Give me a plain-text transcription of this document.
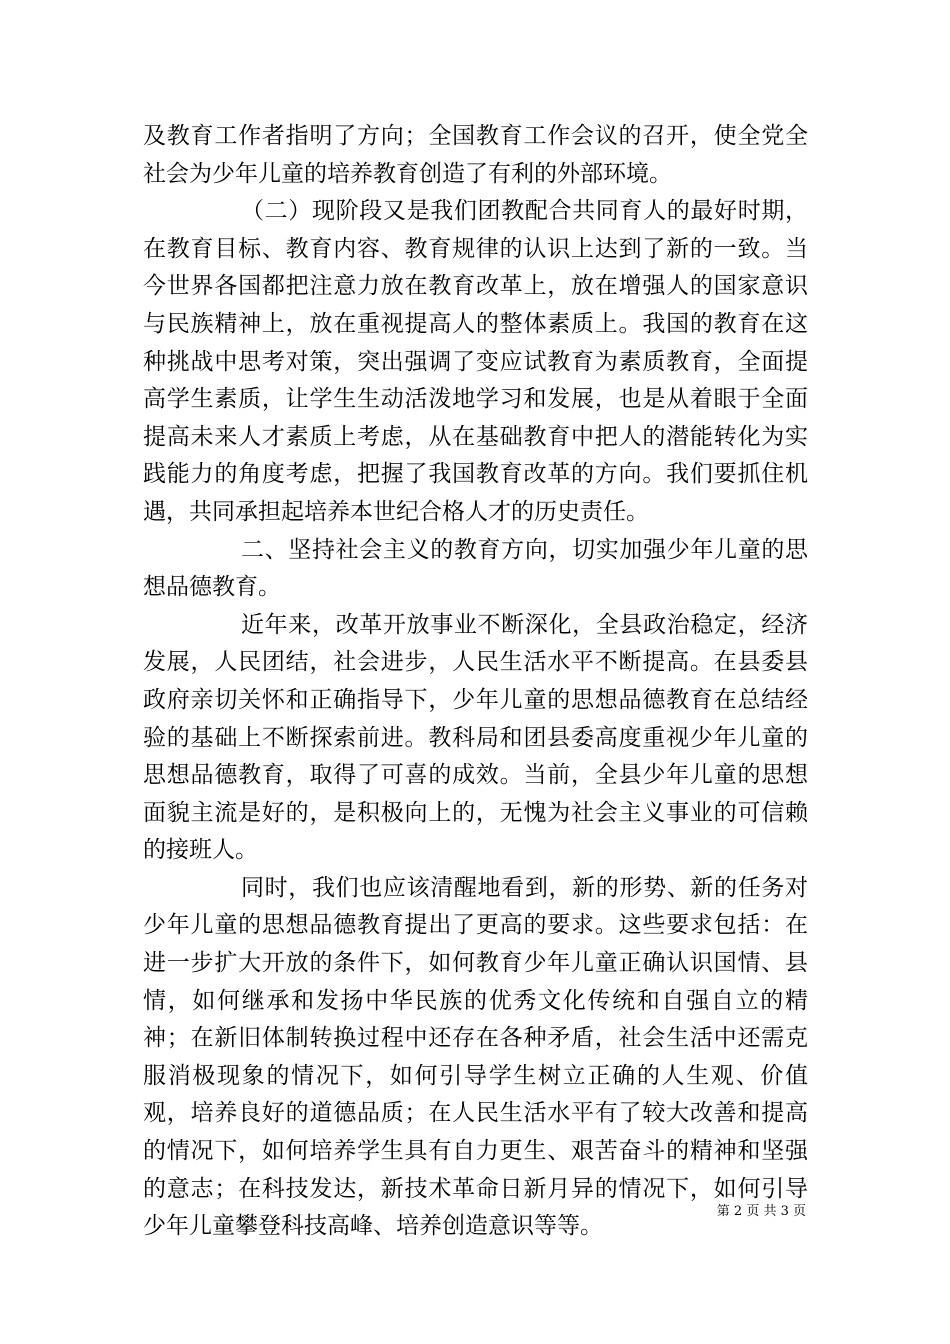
及教育工作者指明了方向；全国教育工作会议的召开，使全党全社会为少年儿童的培养教育创造了有利的外部环境。

（二）现阶段又是我们团教配合共同育人的最好时期，在教育目标、教育内容、教育规律的认识上达到了新的一致。当今世界各国都把注意力放在教育改革上，放在增强人的国家意识与民族精神上，放在重视提高人的整体素质上。我国的教育在这种挑战中思考对策，突出强调了变应试教育为素质教育，全面提高学生素质，让学生生动活泼地学习和发展，也是从着眼于全面提高未来人才素质上考虑，从在基础教育中把人的潜能转化为实践能力的角度考虑，把握了我国教育改革的方向。我们要抓住机遇，共同承担起培养本世纪合格人才的历史责任。

二、坚持社会主义的教育方向，切实加强少年儿童的思想品德教育。

近年来，改革开放事业不断深化，全县政治稳定，经济发展，人民团结，社会进步，人民生活水平不断提高。在县委县政府亲切关怀和正确指导下，少年儿童的思想品德教育在总结经验的基础上不断探索前进。教科局和团县委高度重视少年儿童的思想品德教育，取得了可喜的成效。当前，全县少年儿童的思想面貌主流是好的，是积极向上的，无愧为社会主义事业的可信赖的接班人。

同时，我们也应该清醒地看到，新的形势、新的任务对少年儿童的思想品德教育提出了更高的要求。这些要求包括：在进一步扩大开放的条件下，如何教育少年儿童正确认识国情、县情，如何继承和发扬中华民族的优秀文化传统和自强自立的精神；在新旧体制转换过程中还存在各种矛盾，社会生活中还需克服消极现象的情况下，如何引导学生树立正确的人生观、价值观，培养良好的道德品质；在人民生活水平有了较大改善和提高的情况下，如何培养学生具有自力更生、艰苦奋斗的精神和坚强的意志；在科技发达，新技术革命日新月异的情况下，如何引导少年儿童攀登科技高峰、培养创造意识等等。

第 2 页 共 3 页
